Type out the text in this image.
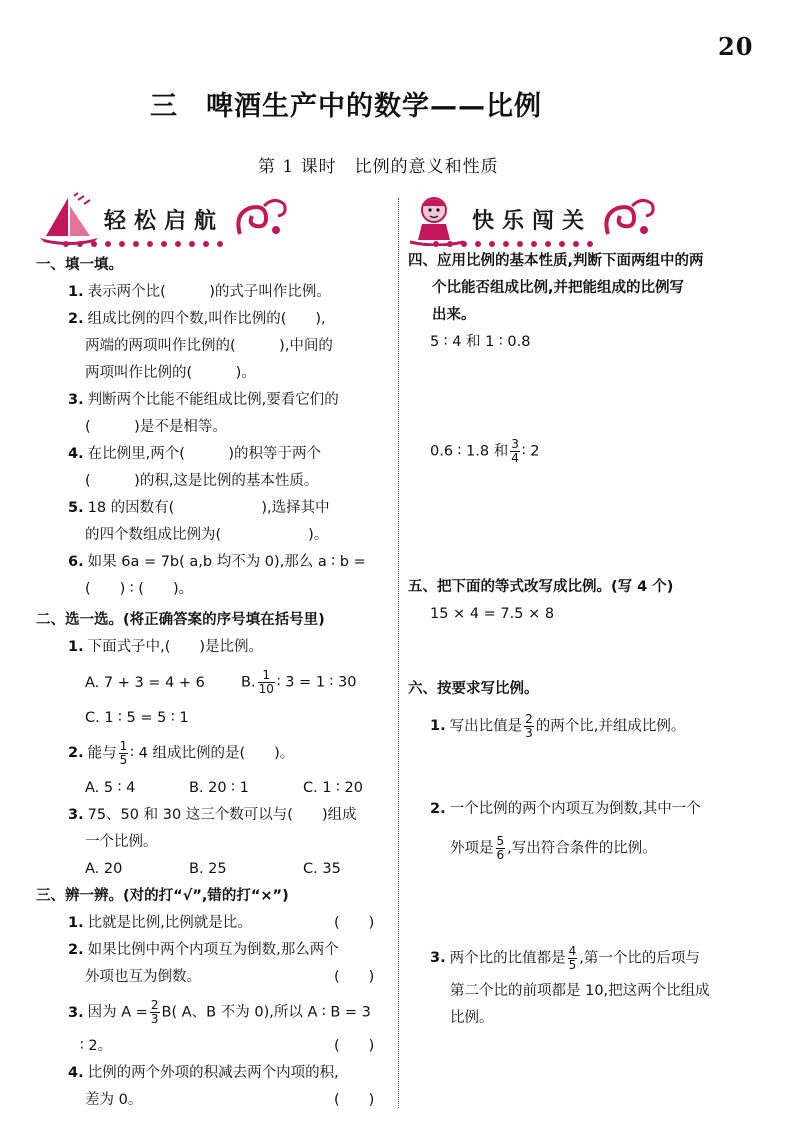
20
三　啤酒生产中的数学——比例
第 1 课时　比例的意义和性质
轻松启航	快乐闯关
一、填一填。
1. 表示两个比(　　　)的式子叫作比例。
2. 组成比例的四个数,叫作比例的(　　),
两端的两项叫作比例的(　　　),中间的
两项叫作比例的(　　　)。
3. 判断两个比能不能组成比例,要看它们的
(　　　)是不是相等。
4. 在比例里,两个(　　　)的积等于两个
(　　　)的积,这是比例的基本性质。
5. 18 的因数有(　　　　　　),选择其中
的四个数组成比例为(　　　　　　)。
6. 如果 6a = 7b( a,b 均不为 0),那么 a ∶ b =
(　　) ∶ (　　)。
二、选一选。(将正确答案的序号填在括号里)
1. 下面式子中,(　　)是比例。
A. 7 + 3 = 4 + 6 B. $\frac{1}{10}$ ∶ 3 = 1 ∶ 30
C. 1 ∶ 5 = 5 ∶ 1
2. 能与 $\frac{1}{5}$ ∶ 4 组成比例的是(　　)。
A. 5 ∶ 4	B. 20 ∶ 1	C. 1 ∶ 20
3. 75、50 和 30 这三个数可以与(　　)组成
一个比例。
A. 20	B. 25	C. 35
三、辨一辨。(对的打“√”,错的打“×”)
1. 比就是比例,比例就是比。	(　　)
2. 如果比例中两个内项互为倒数,那么两个
外项也互为倒数。	(　　)
3. 因为 $A = \frac{2}{3} B$( A、B 不为 0),所以 A ∶ B = 3
∶ 2。	(　　)
4. 比例的两个外项的积减去两个内项的积,
差为 0。	(　　)
四、应用比例的基本性质,判断下面两组中的两
个比能否组成比例,并把能组成的比例写
出来。
5 ∶ 4 和 1 ∶ 0.8
0.6 ∶ 1.8 和 $\frac{3}{4}$ ∶ 2
五、把下面的等式改写成比例。(写 4 个)
15 × 4 = 7.5 × 8
六、按要求写比例。
1. 写出比值是 $\frac{2}{3}$ 的两个比,并组成比例。
2. 一个比例的两个内项互为倒数,其中一个
外项是 $\frac{5}{6}$ ,写出符合条件的比例。
3. 两个比的比值都是 $\frac{4}{5}$ ,第一个比的后项与
第二个比的前项都是 10,把这两个比组成
比例。
